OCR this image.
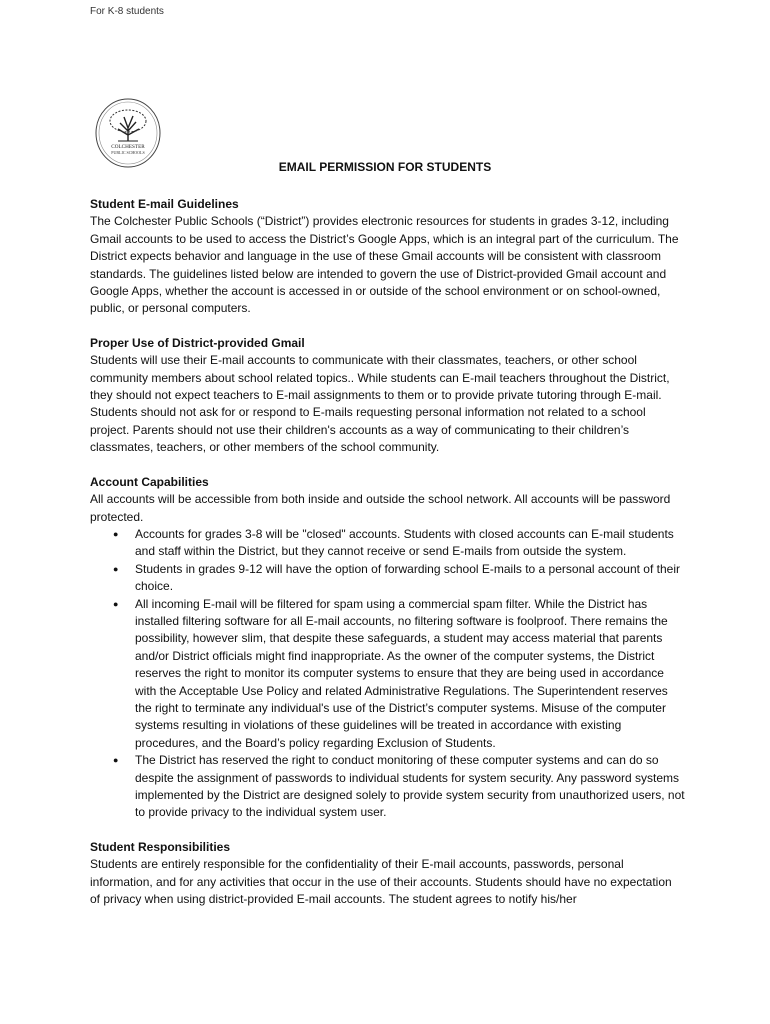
For K-8 students
COLCHESTER
PUBLIC SCHOOLS
EMAIL PERMISSION FOR STUDENTS
Student E-mail Guidelines

The Colchester Public Schools (“District”) provides electronic resources for students in grades 3-12, including Gmail accounts to be used to access the District’s Google Apps, which is an integral part of the curriculum. The District expects behavior and language in the use of these Gmail accounts will be consistent with classroom standards. The guidelines listed below are intended to govern the use of District-provided Gmail account and Google Apps, whether the account is accessed in or outside of the school environment or on school-owned, public, or personal computers.

Proper Use of District-provided Gmail

Students will use their E-mail accounts to communicate with their classmates, teachers, or other school community members about school related topics.. While students can E-mail teachers throughout the District, they should not expect teachers to E-mail assignments to them or to provide private tutoring through E-mail. Students should not ask for or respond to E-mails requesting personal information not related to a school project. Parents should not use their children's accounts as a way of communicating to their children’s classmates, teachers, or other members of the school community.

Account Capabilities

All accounts will be accessible from both inside and outside the school network. All accounts will be password protected.

● Accounts for grades 3-8 will be "closed" accounts. Students with closed accounts can E-mail students and staff within the District, but they cannot receive or send E-mails from outside the system.
● Students in grades 9-12 will have the option of forwarding school E-mails to a personal account of their choice.
● All incoming E-mail will be filtered for spam using a commercial spam filter. While the District has installed filtering software for all E-mail accounts, no filtering software is foolproof. There remains the possibility, however slim, that despite these safeguards, a student may access material that parents and/or District officials might find inappropriate. As the owner of the computer systems, the District reserves the right to monitor its computer systems to ensure that they are being used in accordance with the Acceptable Use Policy and related Administrative Regulations. The Superintendent reserves the right to terminate any individual's use of the District’s computer systems. Misuse of the computer systems resulting in violations of these guidelines will be treated in accordance with existing procedures, and the Board’s policy regarding Exclusion of Students.
● The District has reserved the right to conduct monitoring of these computer systems and can do so despite the assignment of passwords to individual students for system security. Any password systems implemented by the District are designed solely to provide system security from unauthorized users, not to provide privacy to the individual system user.
Student Responsibilities

Students are entirely responsible for the confidentiality of their E-mail accounts, passwords, personal information, and for any activities that occur in the use of their accounts. Students should have no expectation of privacy when using district-provided E-mail accounts. The student agrees to notify his/her
